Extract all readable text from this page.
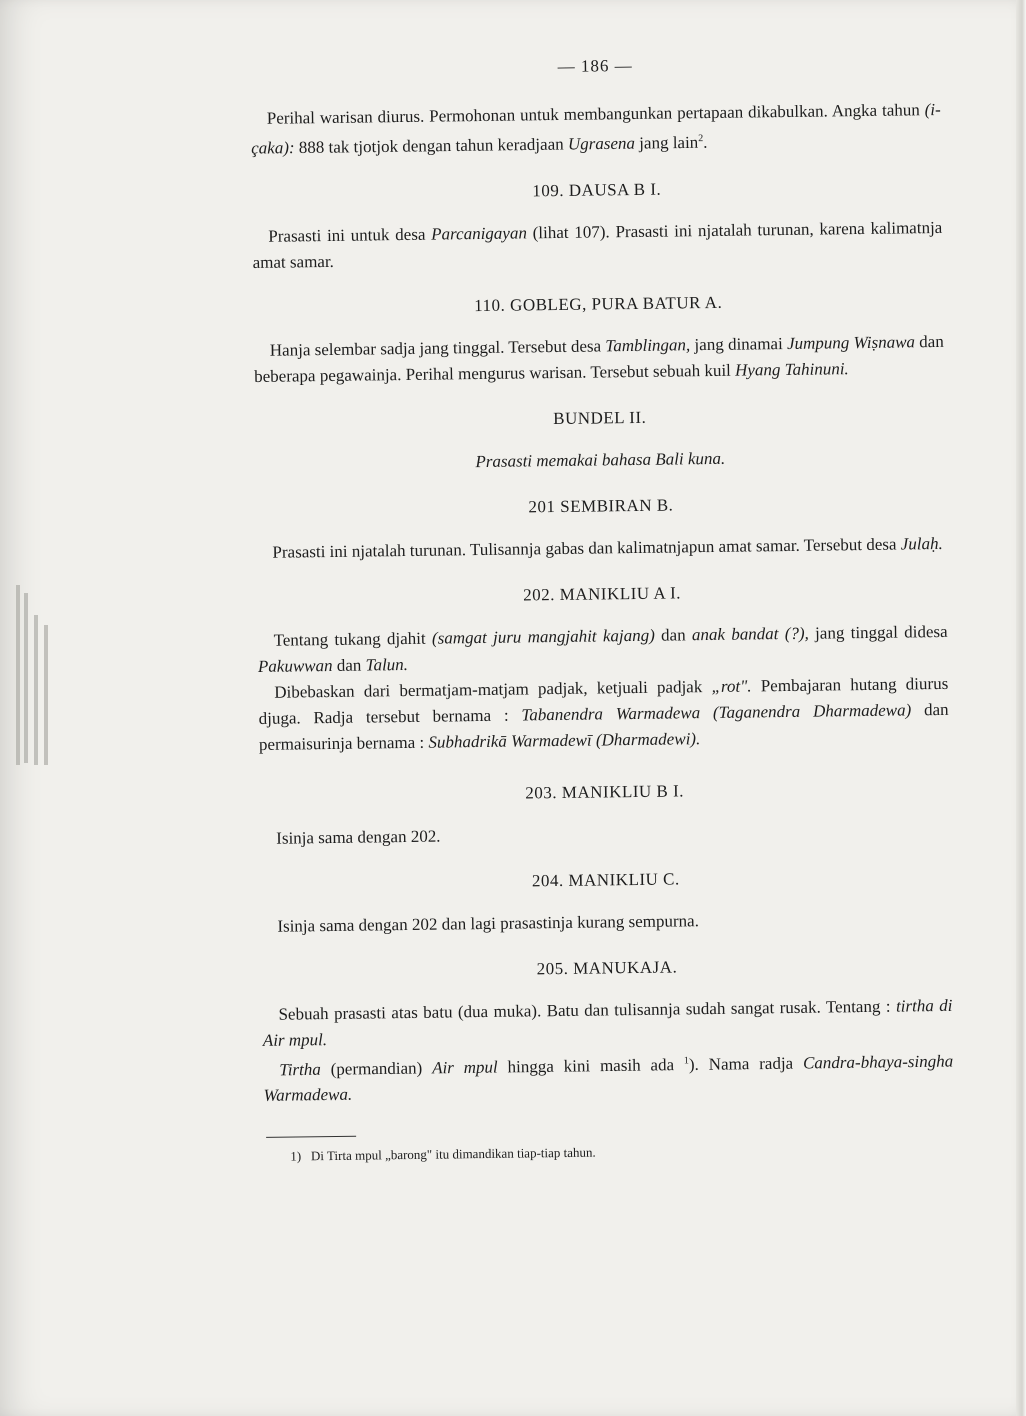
— 186 —

Perihal warisan diurus. Permohonan untuk membangunkan pertapaan dikabulkan. Angka tahun (i-çaka): 888 tak tjotjok dengan tahun keradjaan Ugrasena jang lain$^2$.

109. DAUSA B I.

Prasasti ini untuk desa Parcanigayan (lihat 107). Prasasti ini njatalah turunan, karena kalimatnja amat samar.

110. GOBLEG, PURA BATUR A.

Hanja selembar sadja jang tinggal. Tersebut desa Tamblingan, jang dinamai Jumpung Wiṣnawa dan beberapa pegawainja. Perihal mengurus warisan. Tersebut sebuah kuil Hyang Tahinuni.

BUNDEL II.
Prasasti memakai bahasa Bali kuna.
201 SEMBIRAN B.

Prasasti ini njatalah turunan. Tulisannja gabas dan kalimatnjapun amat samar. Tersebut desa Julaḥ.

202. MANIKLIU A I.

Tentang tukang djahit (samgat juru mangjahit kajang) dan anak bandat (?), jang tinggal didesa Pakuwwan dan Talun.

Dibebaskan dari bermatjam-matjam padjak, ketjuali padjak „rot". Pembajaran hutang diurus djuga. Radja tersebut bernama : Tabanendra Warmadewa (Taganendra Dharmadewa) dan permaisurinja bernama : Subhadrikā Warmadewī (Dharmadewi).

203. MANIKLIU B I.

Isinja sama dengan 202.

204. MANIKLIU C.

Isinja sama dengan 202 dan lagi prasastinja kurang sempurna.

205. MANUKAJA.

Sebuah prasasti atas batu (dua muka). Batu dan tulisannja sudah sangat rusak. Tentang : tirtha di Air mpul.

Tirtha (permandian) Air mpul hingga kini masih ada $^1$). Nama radja Candra-bhaya-singha Warmadewa.

1) Di Tirta mpul „barong" itu dimandikan tiap-tiap tahun.
